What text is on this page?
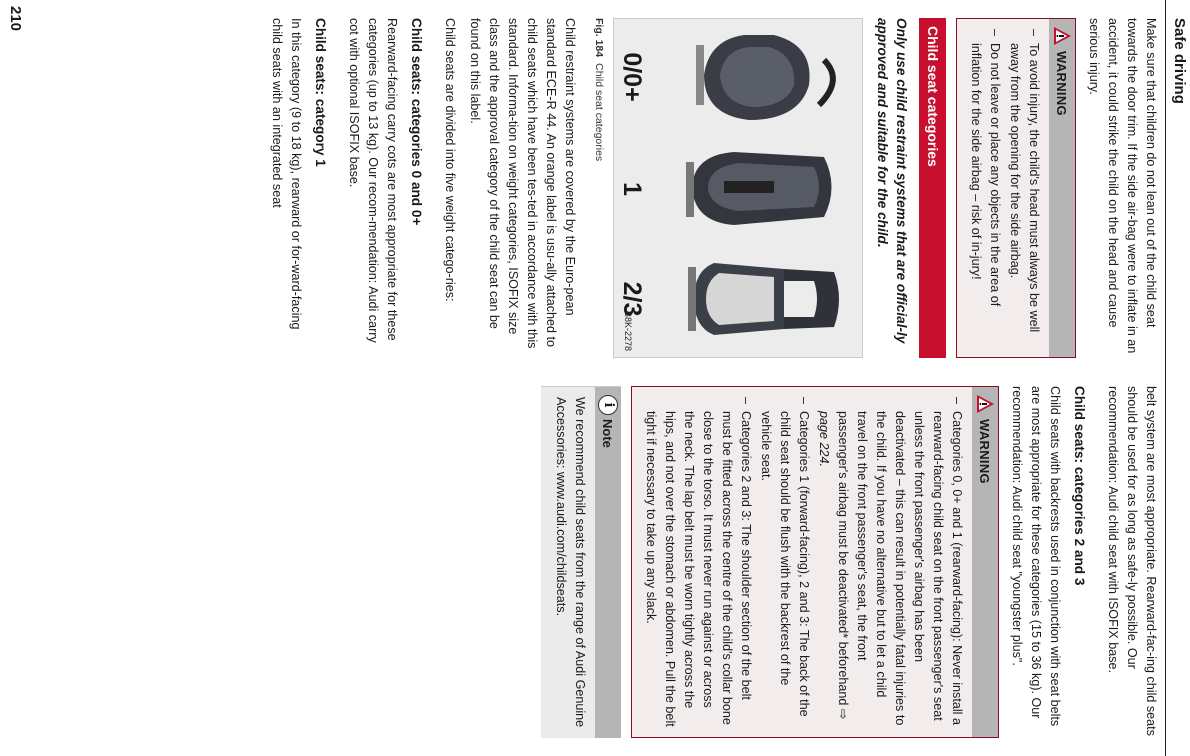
Safe driving

Make sure that children do not lean out of the child seat towards the door trim. If the side air-bag were to inflate in an accident, it could strike the child on the head and cause serious injury.

WARNING
–
To avoid injury, the child's head must always be well away from the opening for the side airbag.
–
Do not leave or place any objects in the area of inflation for the side airbag – risk of in-jury!
Child seat categories
Only use child restraint systems that are official-ly approved and suitable for the child.
0/0+
1
2/3
B8K-2278
Fig. 184Child seat categories

Child restraint systems are covered by the Euro-pean standard ECE-R 44. An orange label is usu-ally attached to child seats which have been tes-ted in accordance with this standard. Informa-tion on weight categories, ISOFIX size class and the approval category of the child seat can be found on this label.

Child seats are divided into five weight catego-ries:

Child seats: categories 0 and 0+

Rearward-facing carry cots are most appropriate for these categories (up to 13 kg). Our recom-mendation: Audi carry cot with optional ISOFIX base.

Child seats: category 1

In this category (9 to 18 kg), rearward or for-ward-facing child seats with an integrated seat

belt system are most appropriate. Rearward-fac-ing child seats should be used for as long as safe-ly possible. Our recommendation: Audi child seat with ISOFIX base.

Child seats: categories 2 and 3

Child seats with backrests used in conjunction with seat belts are most appropriate for these categories (15 to 36 kg). Our recommendation: Audi child seat "youngster plus".

WARNING
–
Categories 0, 0+ and 1 (rearward-facing): Never install a rearward-facing child seat on the front passenger's seat unless the front passenger's airbag has been deactivated – this can result in potentially fatal injuries to the child. If you have no alternative but to let a child travel on the front passenger's seat, the front passenger's airbag must be deactivated* beforehand ⇨ page 224.
–
Categories 1 (forward-facing), 2 and 3: The back of the child seat should be flush with the backrest of the vehicle seat.
–
Categories 2 and 3: The shoulder section of the belt must be fitted across the centre of the child's collar bone close to the torso. It must never run against or across the neck. The lap belt must be worn tightly across the hips, and not over the stomach or abdomen. Pull the belt tight if necessary to take up any slack.
i
Note
We recommend child seats from the range of Audi Genuine Accessories: www.audi.com/childseats.
210
